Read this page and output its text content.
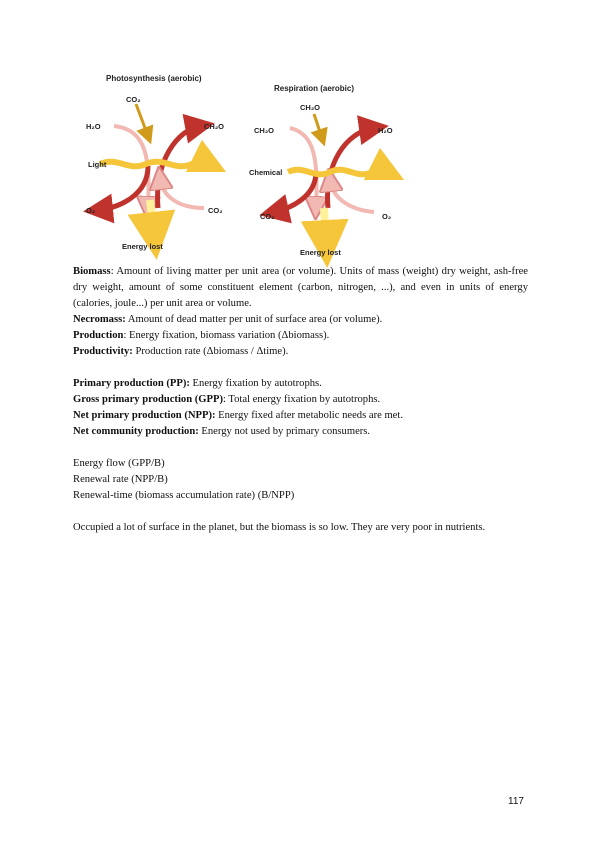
Photosynthesis (aerobic)
CO₂
H₂O	CH₂O
Light
O₂	CO₂
Energy lost
Respiration (aerobic)
CH₂O
CH₂O	H₂O
Chemical
CO₂	O₂
Energy lost

Biomass: Amount of living matter per unit area (or volume). Units of mass (weight) dry weight, ash-free dry weight, amount of some constituent element (carbon, nitrogen, ...), and even in units of energy (calories, joule...) per unit area or volume.

Necromass: Amount of dead matter per unit of surface area (or volume).

Production: Energy fixation, biomass variation (Δbiomass).

Productivity: Production rate (Δbiomass / Δtime).

Primary production (PP): Energy fixation by autotrophs.

Gross primary production (GPP): Total energy fixation by autotrophs.

Net primary production (NPP): Energy fixed after metabolic needs are met.

Net community production: Energy not used by primary consumers.

Energy flow (GPP/B)

Renewal rate (NPP/B)

Renewal-time (biomass accumulation rate) (B/NPP)

Occupied a lot of surface in the planet, but the biomass is so low. They are very poor in nutrients.
117
